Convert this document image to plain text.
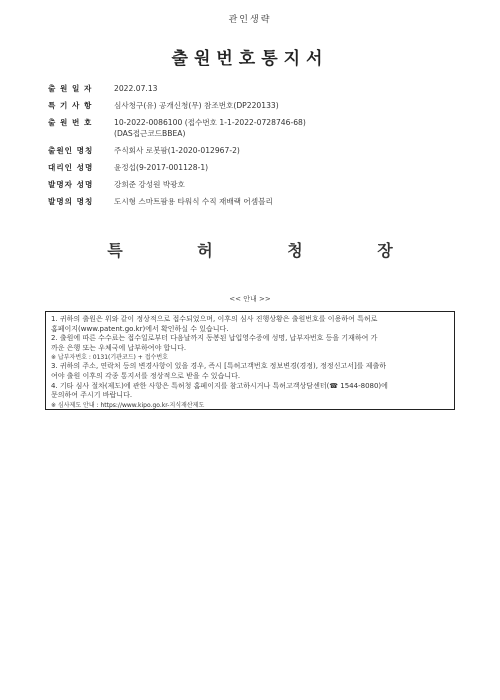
관인생략
출원번호통지서
출 원 일 자	2022.07.13
특 기 사 항	심사청구(유) 공개신청(무) 참조번호(DP220133)
출 원 번 호	10-2022-0086100 (접수번호 1-1-2022-0728746-68)
(DAS접근코드BBEA)
출원인 명칭	주식회사 로봇팜(1-2020-012967-2)
대리인 성명	윤정섭(9-2017-001128-1)
발명자 성명	강희준 강성원 박광호
발명의 명칭	도시형 스마트팜용 타워식 수직 재배랙 어셈블리
특	허	청	장
<< 안내 >>

1. 귀하의 출원은 위와 같이 정상적으로 접수되었으며, 이후의 심사 진행상황은 출원번호를 이용하여 특허로

홈페이지(www.patent.go.kr)에서 확인하실 수 있습니다.

2. 출원에 따른 수수료는 접수일로부터 다음날까지 동봉된 납입영수증에 성명, 납부자번호 등을 기재하여 가

까운 은행 또는 우체국에 납부하여야 합니다.

※ 납부자번호 : 0131(기관코드) + 접수번호

3. 귀하의 주소, 연락처 등의 변경사항이 있을 경우, 즉시 [특허고객번호 정보변경(경정), 정정신고서]를 제출하

여야 출원 이후의 각종 통지서를 정상적으로 받을 수 있습니다.

4. 기타 심사 절차(제도)에 관한 사항은 특허청 홈페이지를 참고하시거나 특허고객상담센터(☎ 1544-8080)에

문의하여 주시기 바랍니다.

※ 심사제도 안내 : https://www.kipo.go.kr-지식재산제도
